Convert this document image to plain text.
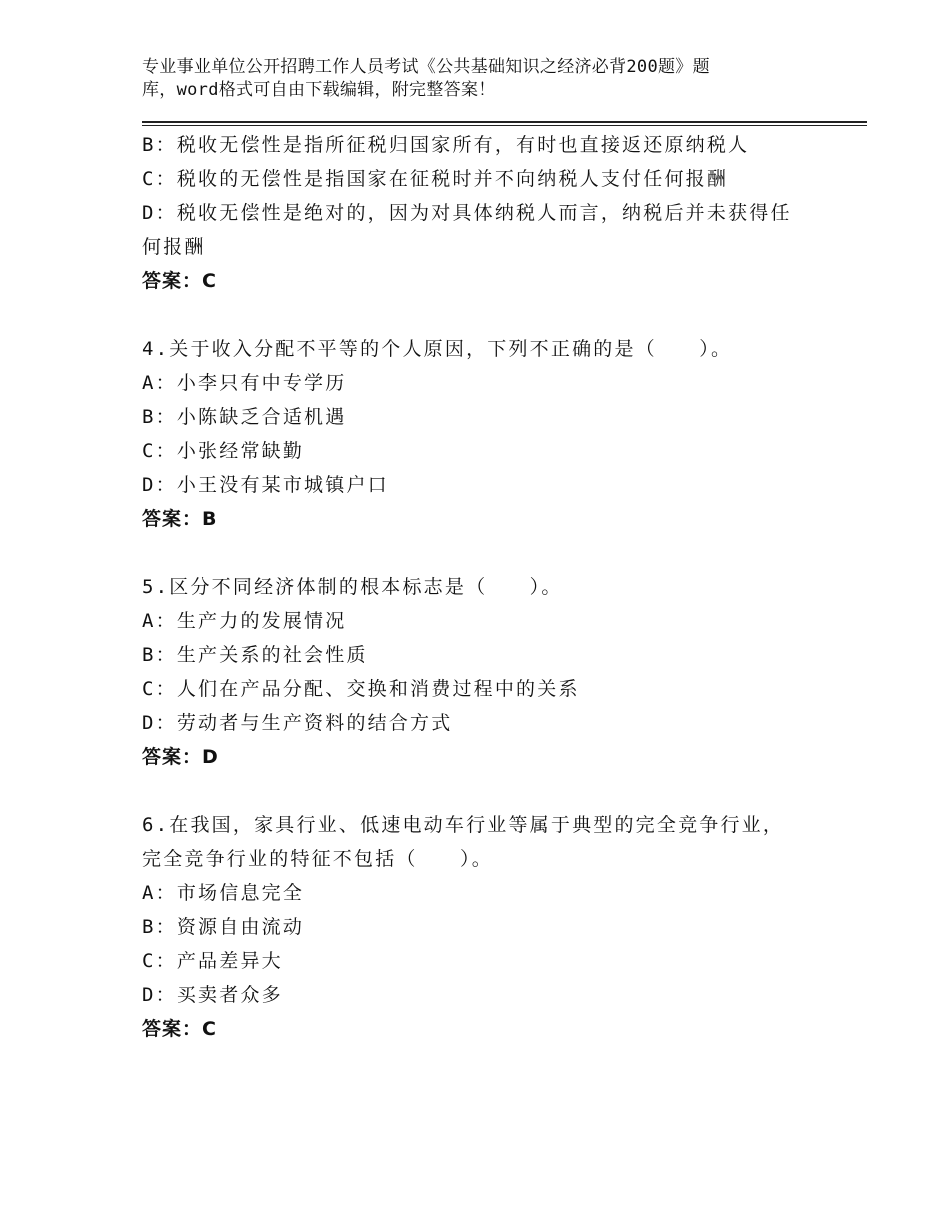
专业事业单位公开招聘工作人员考试《公共基础知识之经济必背200题》题
库，word格式可自由下载编辑，附完整答案！
B：税收无偿性是指所征税归国家所有，有时也直接返还原纳税人
C：税收的无偿性是指国家在征税时并不向纳税人支付任何报酬
D：税收无偿性是绝对的，因为对具体纳税人而言，纳税后并未获得任
何报酬
答案：C
4.关于收入分配不平等的个人原因，下列不正确的是（　　）。
A：小李只有中专学历
B：小陈缺乏合适机遇
C：小张经常缺勤
D：小王没有某市城镇户口
答案：B
5.区分不同经济体制的根本标志是（　　）。
A：生产力的发展情况
B：生产关系的社会性质
C：人们在产品分配、交换和消费过程中的关系
D：劳动者与生产资料的结合方式
答案：D
6.在我国，家具行业、低速电动车行业等属于典型的完全竞争行业，
完全竞争行业的特征不包括（　　）。
A：市场信息完全
B：资源自由流动
C：产品差异大
D：买卖者众多
答案：C
